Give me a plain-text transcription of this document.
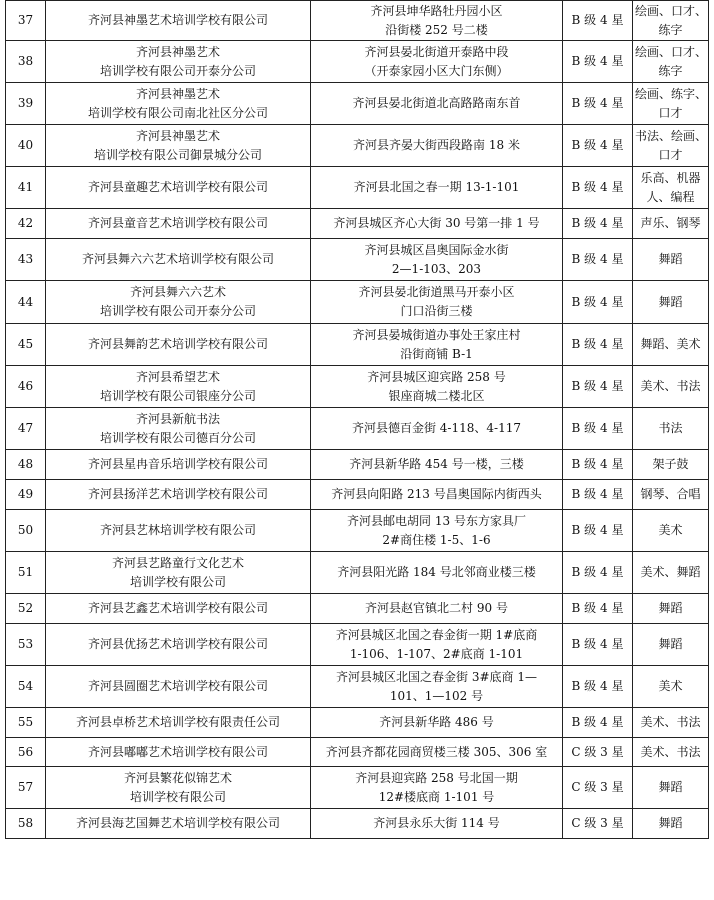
37	齐河县神墨艺术培训学校有限公司	齐河县坤华路牡丹园小区
沿街楼 252 号二楼	B 级 4 星	绘画、口才、
练字

38	齐河县神墨艺术
培训学校有限公司开泰分公司	齐河县晏北街道开泰路中段
（开泰家园小区大门东侧）	B 级 4 星	绘画、口才、
练字

39	齐河县神墨艺术
培训学校有限公司南北社区分公司	齐河县晏北街道北高路路南东首	B 级 4 星	绘画、练字、
口才

40	齐河县神墨艺术
培训学校有限公司御景城分公司	齐河县齐晏大街西段路南 18 米	B 级 4 星	书法、绘画、
口才

41	齐河县童趣艺术培训学校有限公司	齐河县北国之春一期 13-1-101	B 级 4 星	乐高、机器
人、编程

42	齐河县童音艺术培训学校有限公司	齐河县城区齐心大街 30 号第一排 1 号	B 级 4 星	声乐、钢琴

43	齐河县舞六六艺术培训学校有限公司	齐河县城区昌奥国际金水街
2—1-103、203	B 级 4 星	舞蹈

44	齐河县舞六六艺术
培训学校有限公司开泰分公司	齐河县晏北街道黑马开泰小区
门口沿街三楼	B 级 4 星	舞蹈

45	齐河县舞韵艺术培训学校有限公司	齐河县晏城街道办事处王家庄村
沿街商铺 B-1	B 级 4 星	舞蹈、美术

46	齐河县希望艺术
培训学校有限公司银座分公司	齐河县城区迎宾路 258 号
银座商城二楼北区	B 级 4 星	美术、书法

47	齐河县新航书法
培训学校有限公司德百分公司	齐河县德百金街 4-118、4-117	B 级 4 星	书法

48	齐河县星冉音乐培训学校有限公司	齐河县新华路 454 号一楼，三楼	B 级 4 星	架子鼓

49	齐河县扬洋艺术培训学校有限公司	齐河县向阳路 213 号昌奥国际内街西头	B 级 4 星	钢琴、合唱

50	齐河县艺林培训学校有限公司	齐河县邮电胡同 13 号东方家具厂
2#商住楼 1-5、1-6	B 级 4 星	美术

51	齐河县艺路童行文化艺术
培训学校有限公司	齐河县阳光路 184 号北邻商业楼三楼	B 级 4 星	美术、舞蹈

52	齐河县艺鑫艺术培训学校有限公司	齐河县赵官镇北二村 90 号	B 级 4 星	舞蹈

53	齐河县优扬艺术培训学校有限公司	齐河县城区北国之春金街一期 1#底商
1-106、1-107、2#底商 1-101	B 级 4 星	舞蹈

54	齐河县圆圈艺术培训学校有限公司	齐河县城区北国之春金街 3#底商 1—
101、1—102 号	B 级 4 星	美术

55	齐河县卓桥艺术培训学校有限责任公司	齐河县新华路 486 号	B 级 4 星	美术、书法

56	齐河县嘟嘟艺术培训学校有限公司	齐河县齐都花园商贸楼三楼 305、306 室	C 级 3 星	美术、书法

57	齐河县繁花似锦艺术
培训学校有限公司	齐河县迎宾路 258 号北国一期
12#楼底商 1-101 号	C 级 3 星	舞蹈

58	齐河县海艺国舞艺术培训学校有限公司	齐河县永乐大街 114 号	C 级 3 星	舞蹈
